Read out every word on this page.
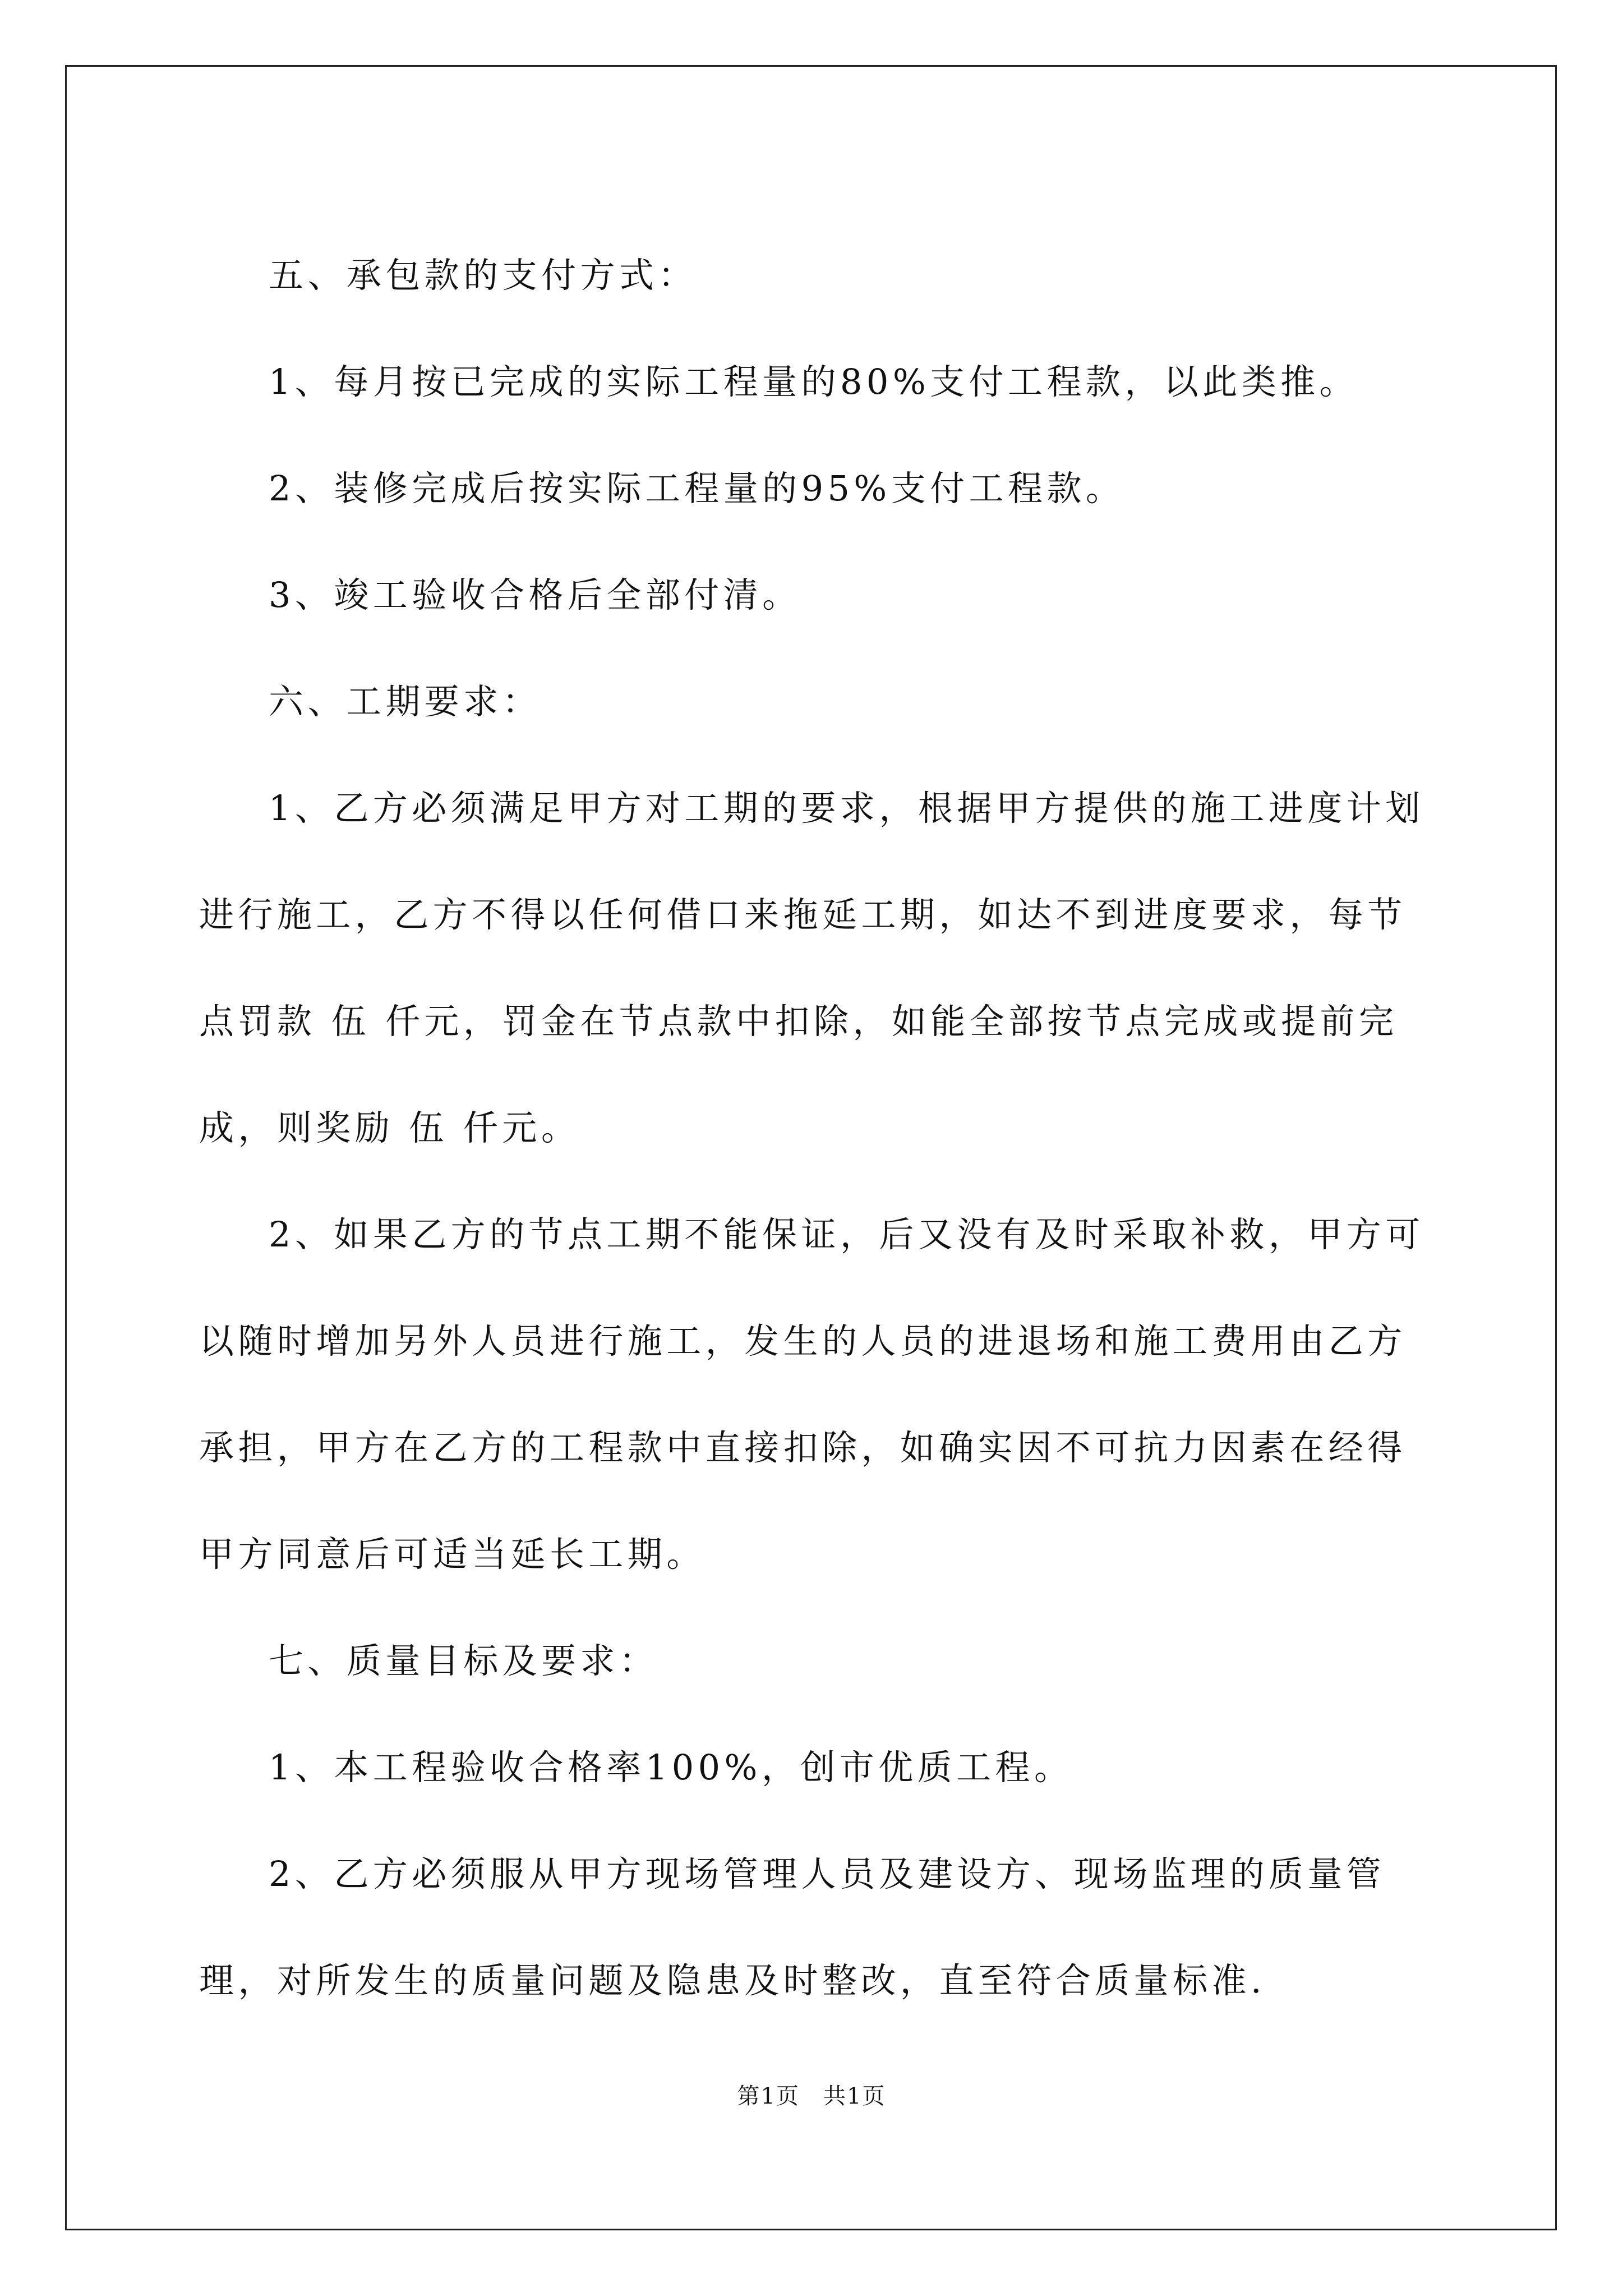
五、承包款的支付方式：

1、每月按已完成的实际工程量的80%支付工程款，以此类推。

2、装修完成后按实际工程量的95%支付工程款。

3、竣工验收合格后全部付清。

六、工期要求：

1、乙方必须满足甲方对工期的要求，根据甲方提供的施工进度计划进行施工，乙方不得以任何借口来拖延工期，如达不到进度要求，每节点罚款 伍 仟元，罚金在节点款中扣除，如能全部按节点完成或提前完成，则奖励 伍 仟元。

2、如果乙方的节点工期不能保证，后又没有及时采取补救，甲方可以随时增加另外人员进行施工，发生的人员的进退场和施工费用由乙方承担，甲方在乙方的工程款中直接扣除，如确实因不可抗力因素在经得甲方同意后可适当延长工期。

七、质量目标及要求：

1、本工程验收合格率100%，创市优质工程。

2、乙方必须服从甲方现场管理人员及建设方、现场监理的质量管理，对所发生的质量问题及隐患及时整改，直至符合质量标准.

第1页　共1页
